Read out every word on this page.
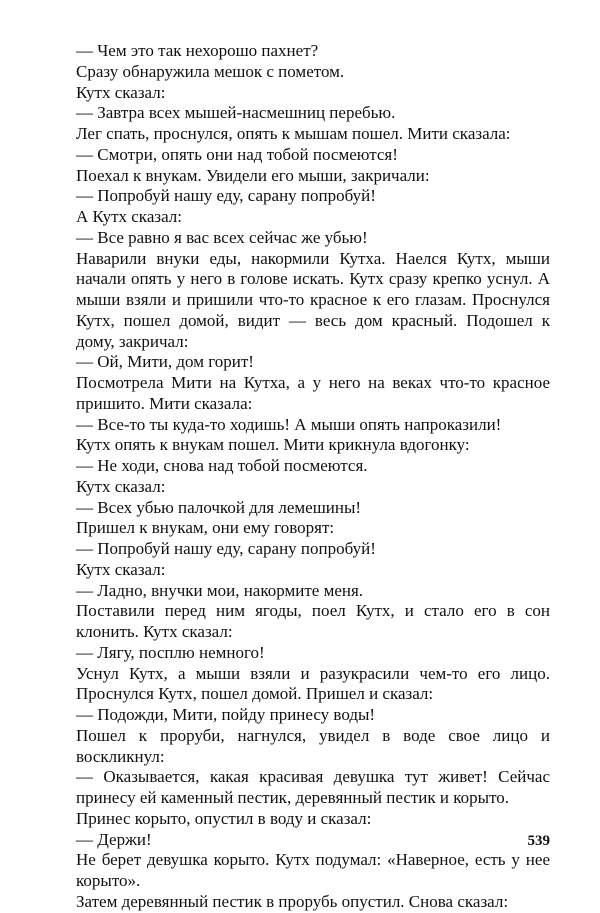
— Чем это так нехорошо пахнет?

Сразу обнаружила мешок с пометом.

Кутх сказал:

— Завтра всех мышей-насмешниц перебью.

Лег спать, проснулся, опять к мышам пошел. Мити сказала:

— Смотри, опять они над тобой посмеются!

Поехал к внукам. Увидели его мыши, закричали:

— Попробуй нашу еду, сарану попробуй!

А Кутх сказал:

— Все равно я вас всех сейчас же убью!

Наварили внуки еды, накормили Кутха. Наелся Кутх, мыши начали опять у него в голове искать. Кутх сразу крепко уснул. А мыши взяли и пришили что-то красное к его глазам. Проснулся Кутх, пошел домой, видит — весь дом красный. Подошел к дому, закричал:

— Ой, Мити, дом горит!

Посмотрела Мити на Кутха, а у него на веках что-то красное пришито. Мити сказала:

— Все-то ты куда-то ходишь! А мыши опять напроказили!

Кутх опять к внукам пошел. Мити крикнула вдогонку:

— Не ходи, снова над тобой посмеются.

Кутх сказал:

— Всех убью палочкой для лемешины!

Пришел к внукам, они ему говорят:

— Попробуй нашу еду, сарану попробуй!

Кутх сказал:

— Ладно, внучки мои, накормите меня.

Поставили перед ним ягоды, поел Кутх, и стало его в сон клонить. Кутх сказал:

— Лягу, посплю немного!

Уснул Кутх, а мыши взяли и разукрасили чем-то его лицо. Проснулся Кутх, пошел домой. Пришел и сказал:

— Подожди, Мити, пойду принесу воды!

Пошел к проруби, нагнулся, увидел в воде свое лицо и воскликнул:

— Оказывается, какая красивая девушка тут живет! Сейчас принесу ей каменный пестик, деревянный пестик и корыто.

Принес корыто, опустил в воду и сказал:

— Держи!

Не берет девушка корыто. Кутх подумал: «Наверное, есть у нее корыто».

Затем деревянный пестик в прорубь опустил. Снова сказал:

539
